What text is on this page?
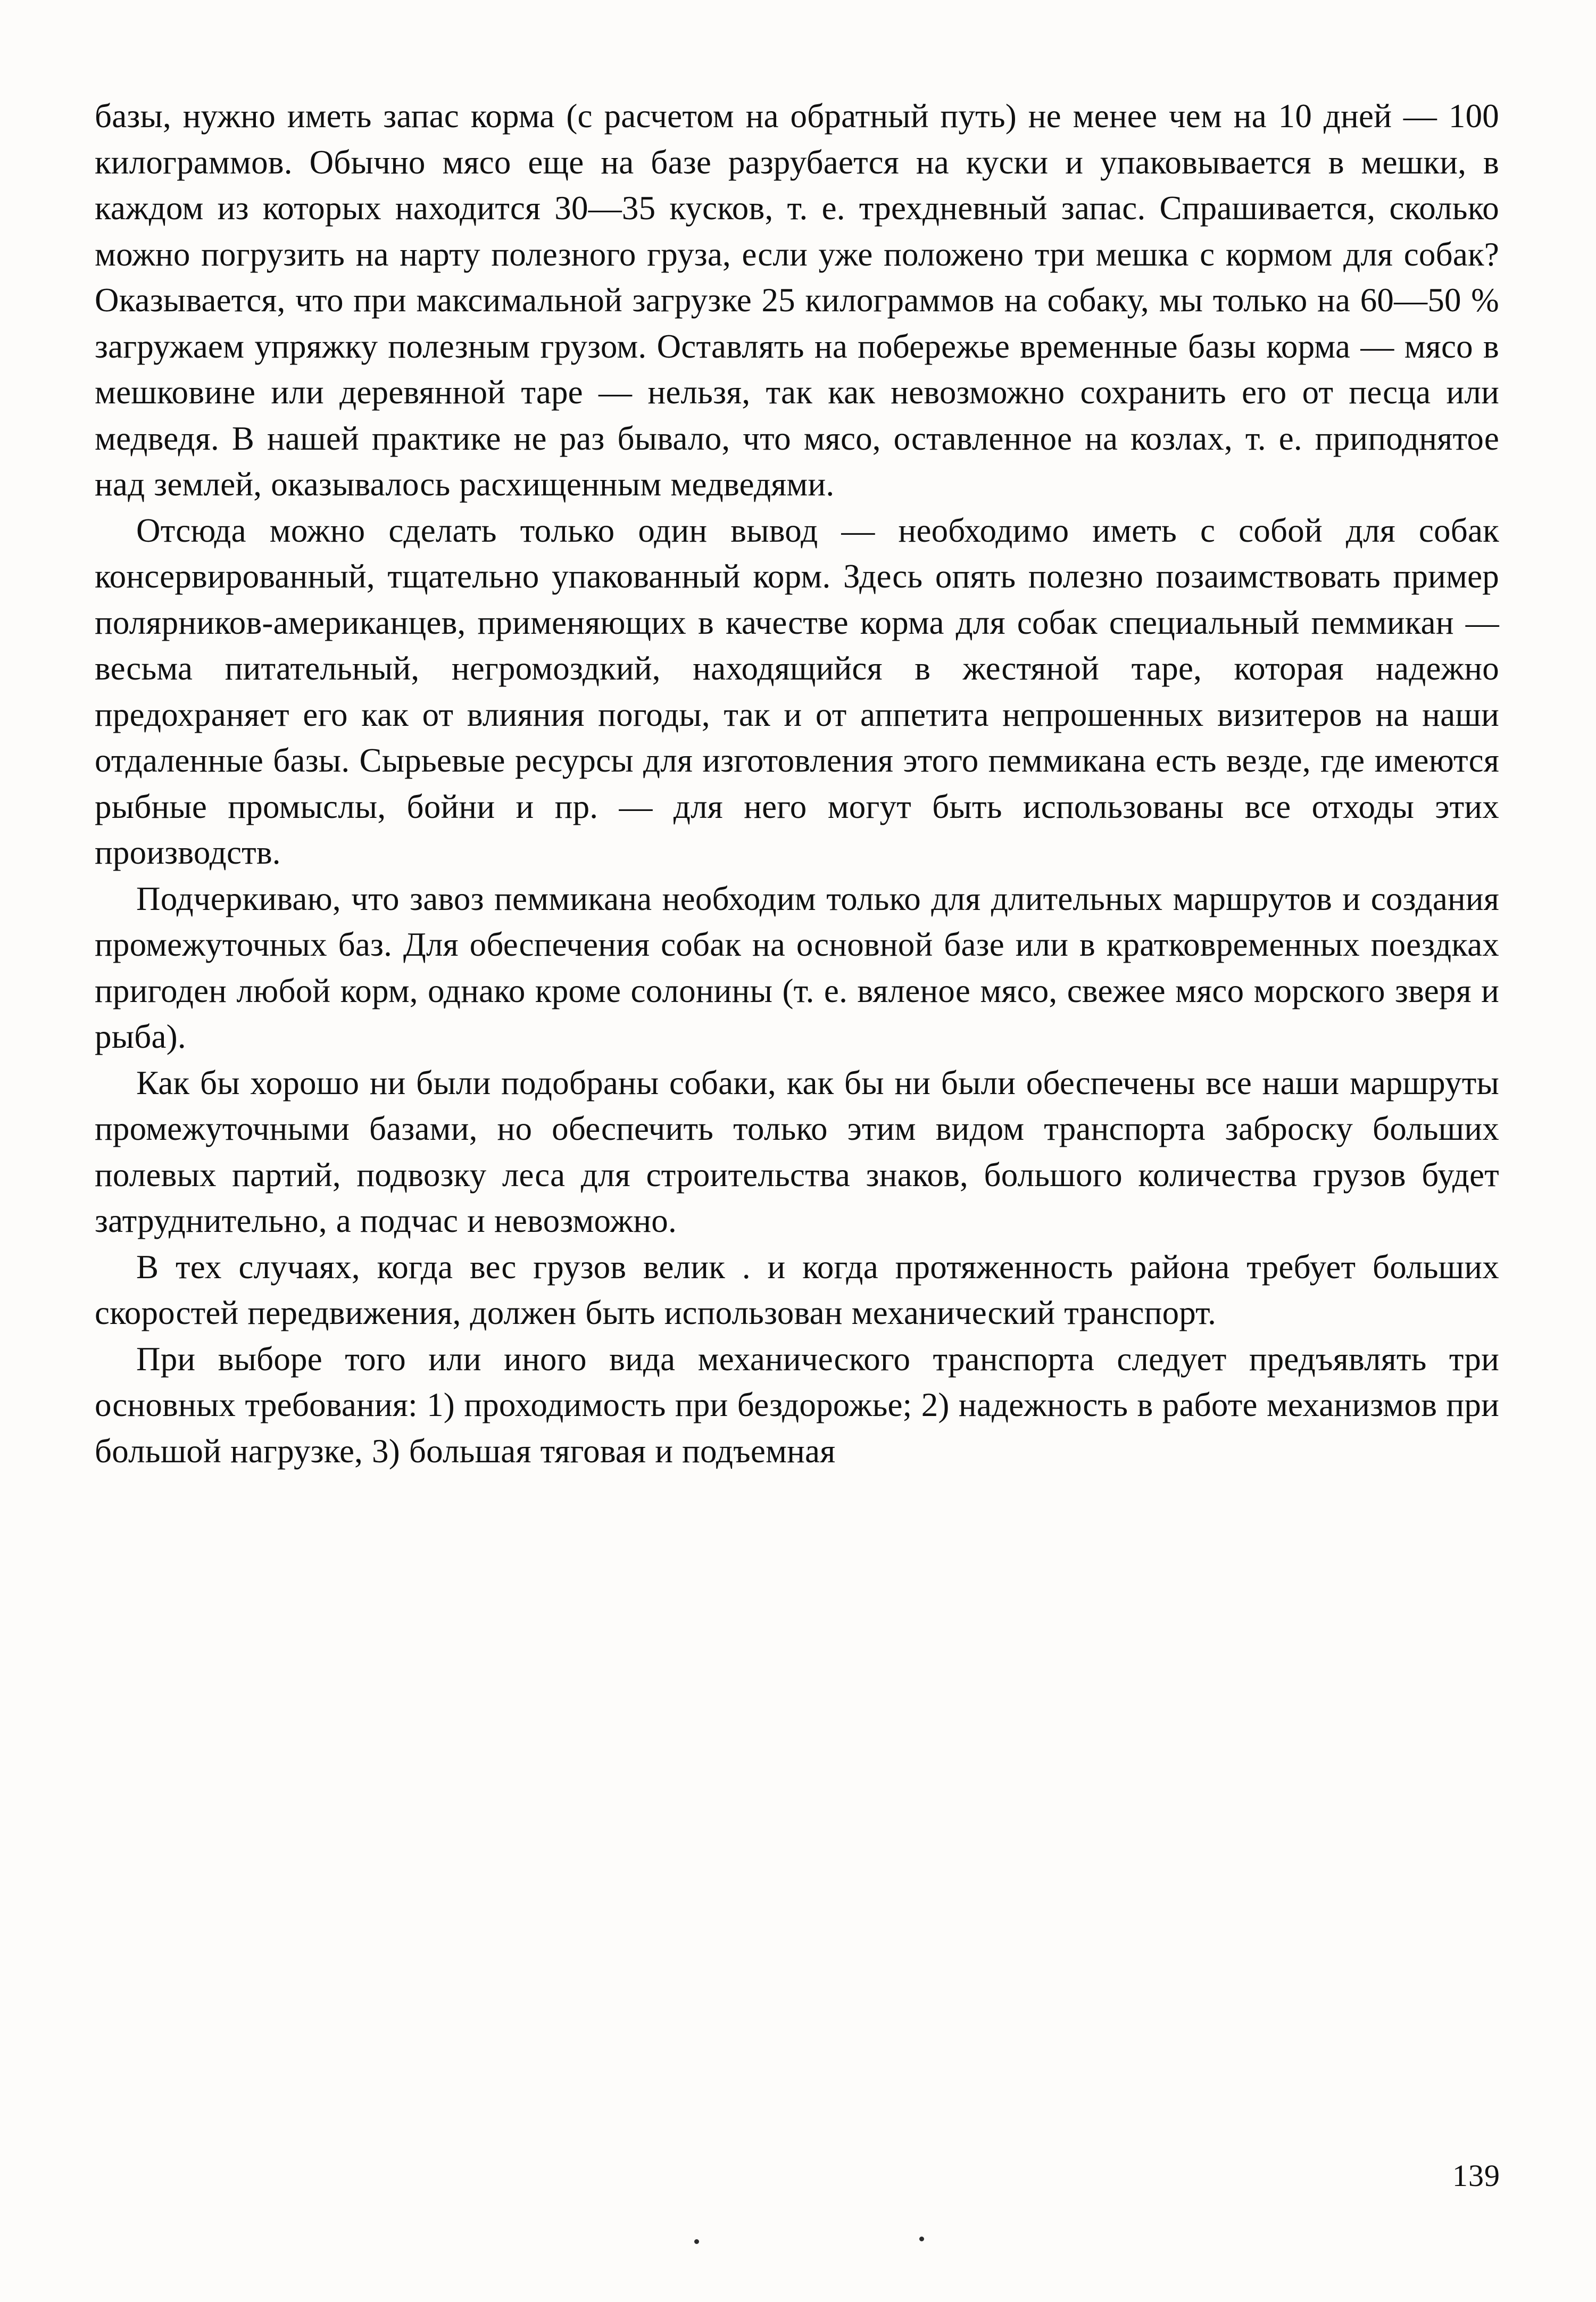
базы, нужно иметь запас корма (с расчетом на обратный путь) не менее чем на 10 дней — 100 килограммов. Обычно мясо еще на базе разрубается на куски и упаковывается в мешки, в каждом из которых находится 30—35 кусков, т. е. трехдневный запас. Спрашивается, сколько можно погрузить на нарту полезного груза, если уже положено три мешка с кормом для собак? Оказывается, что при максимальной загрузке 25 килограммов на собаку, мы только на 60—50 % загружаем упряжку полезным грузом. Оставлять на побережье временные базы корма — мясо в мешковине или деревянной таре — нельзя, так как невозможно сохранить его от песца или медведя. В нашей практике не раз бывало, что мясо, оставленное на козлах, т. е. приподнятое над землей, оказывалось расхищенным медведями.

Отсюда можно сделать только один вывод — необходимо иметь с собой для собак консервированный, тщательно упакованный корм. Здесь опять полезно позаимствовать пример полярников-американцев, применяющих в качестве корма для собак специальный пеммикан — весьма питательный, негромоздкий, находящийся в жестяной таре, которая надежно предохраняет его как от влияния погоды, так и от аппетита непрошенных визитеров на наши отдаленные базы. Сырьевые ресурсы для изготовления этого пеммикана есть везде, где имеются рыбные промыслы, бойни и пр. — для него могут быть использованы все отходы этих производств.

Подчеркиваю, что завоз пеммикана необходим только для длительных маршрутов и создания промежуточных баз. Для обеспечения собак на основной базе или в кратковременных поездках пригоден любой корм, однако кроме солонины (т. е. вяленое мясо, свежее мясо морского зверя и рыба).

Как бы хорошо ни были подобраны собаки, как бы ни были обеспечены все наши маршруты промежуточными базами, но обеспечить только этим видом транспорта заброску больших полевых партий, подвозку леса для строительства знаков, большого количества грузов будет затруднительно, а подчас и невозможно.

В тех случаях, когда вес грузов велик . и когда протяженность района требует больших скоростей передвижения, должен быть использован механический транспорт.

При выборе того или иного вида механического транспорта следует предъявлять три основных требования: 1) проходимость при бездорожье; 2) надежность в работе механизмов при большой нагрузке, 3) большая тяговая и подъемная

139
